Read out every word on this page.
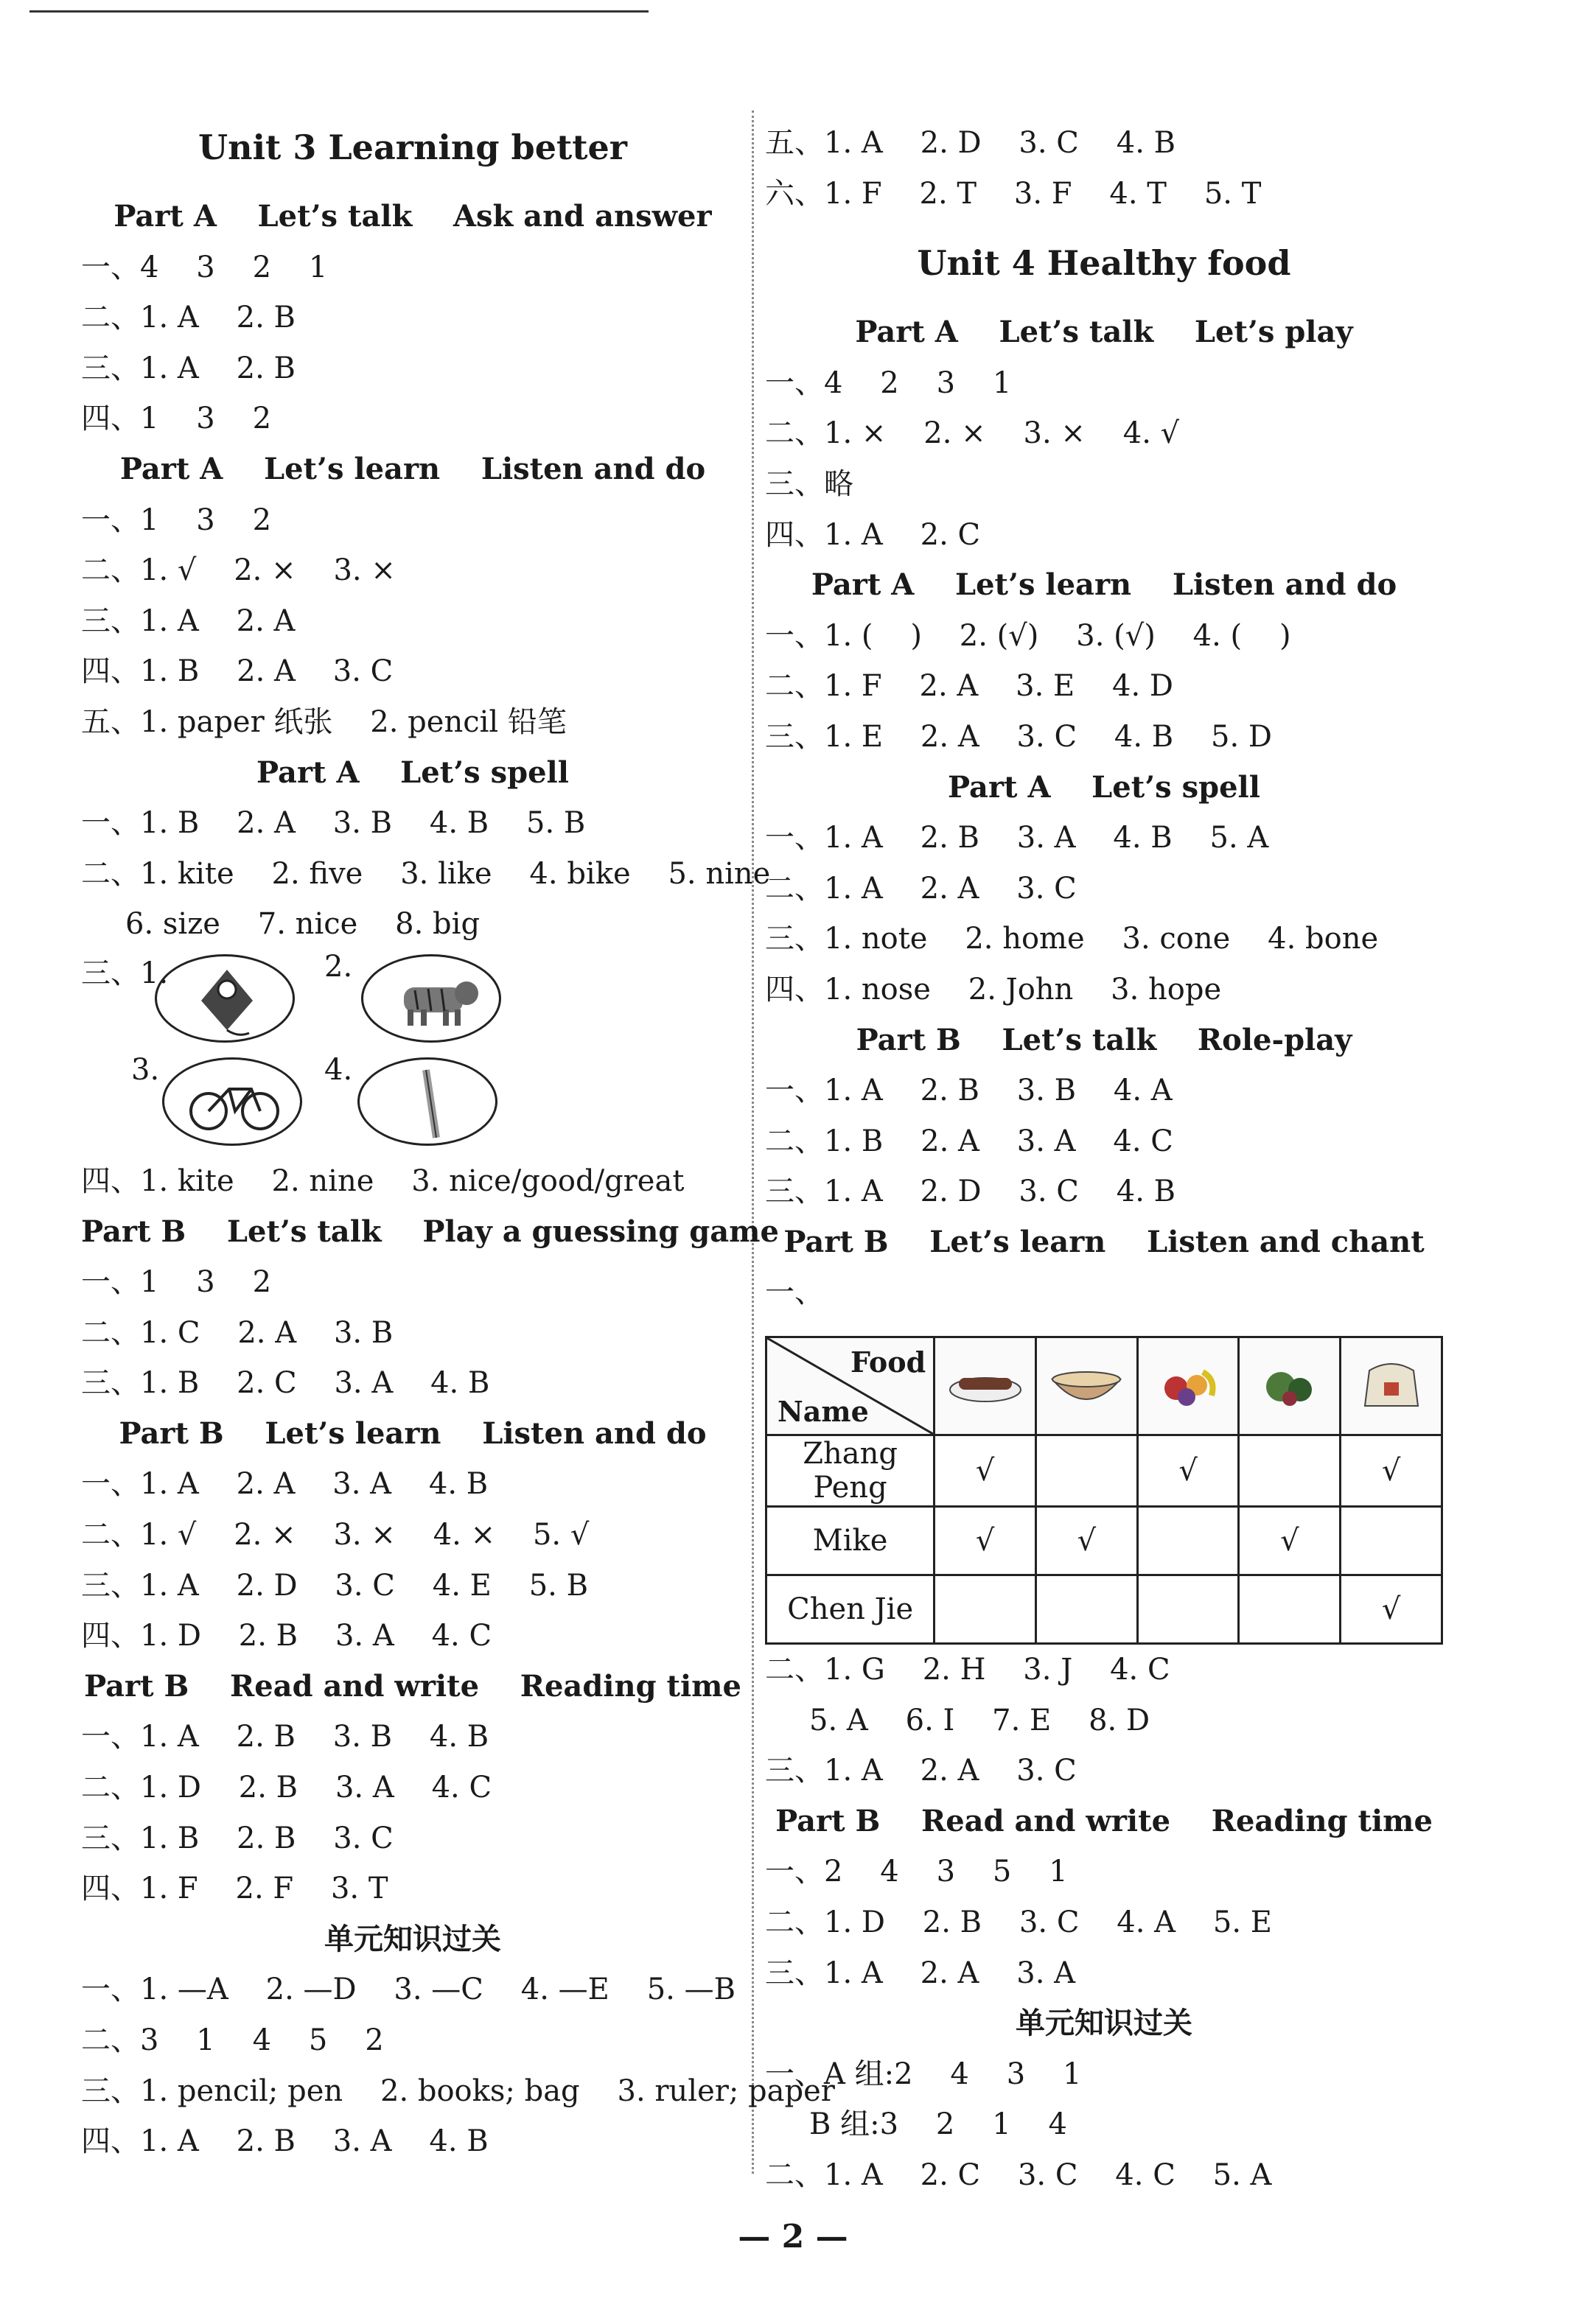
Unit 3 Learning better
Part A    Let’s talk    Ask and answer
一、4    3    2    1
二、1. A    2. B
三、1. A    2. B
四、1    3    2
Part A    Let’s learn    Listen and do
一、1    3    2
二、1. √    2. ×    3. ×
三、1. A    2. A
四、1. B    2. A    3. C
五、1. paper 纸张    2. pencil 铅笔
Part A    Let’s spell
一、1. B    2. A    3. B    4. B    5. B
二、1. kite    2. five    3. like    4. bike    5. nine
6. size    7. nice    8. big
三、1.	2.
3.	4.
四、1. kite    2. nine    3. nice/good/great
Part B    Let’s talk    Play a guessing game
一、1    3    2
二、1. C    2. A    3. B
三、1. B    2. C    3. A    4. B
Part B    Let’s learn    Listen and do
一、1. A    2. A    3. A    4. B
二、1. √    2. ×    3. ×    4. ×    5. √
三、1. A    2. D    3. C    4. E    5. B
四、1. D    2. B    3. A    4. C
Part B    Read and write    Reading time
一、1. A    2. B    3. B    4. B
二、1. D    2. B    3. A    4. C
三、1. B    2. B    3. C
四、1. F    2. F    3. T
单元知识过关
一、1. —A    2. —D    3. —C    4. —E    5. —B
二、3    1    4    5    2
三、1. pencil; pen    2. books; bag    3. ruler; paper
四、1. A    2. B    3. A    4. B
五、1. A    2. D    3. C    4. B
六、1. F    2. T    3. F    4. T    5. T
Unit 4 Healthy food
Part A    Let’s talk    Let’s play
一、4    2    3    1
二、1. ×    2. ×    3. ×    4. √
三、略
四、1. A    2. C
Part A    Let’s learn    Listen and do
一、1. (    )    2. (√)    3. (√)    4. (    )
二、1. F    2. A    3. E    4. D
三、1. E    2. A    3. C    4. B    5. D
Part A    Let’s spell
一、1. A    2. B    3. A    4. B    5. A
二、1. A    2. A    3. C
三、1. note    2. home    3. cone    4. bone
四、1. nose    2. John    3. hope
Part B    Let’s talk    Role-play
一、1. A    2. B    3. B    4. A
二、1. B    2. A    3. A    4. C
三、1. A    2. D    3. C    4. B
Part B    Let’s learn    Listen and chant
一、
Food
Name

Zhang Peng	√		√		√
Mike	√	√		√	
Chen Jie					√
二、1. G    2. H    3. J    4. C
5. A    6. I    7. E    8. D
三、1. A    2. A    3. C
Part B    Read and write    Reading time
一、2    4    3    5    1
二、1. D    2. B    3. C    4. A    5. E
三、1. A    2. A    3. A
单元知识过关
一、A 组:2    4    3    1
B 组:3    2    1    4
二、1. A    2. C    3. C    4. C    5. A
— 2 —
